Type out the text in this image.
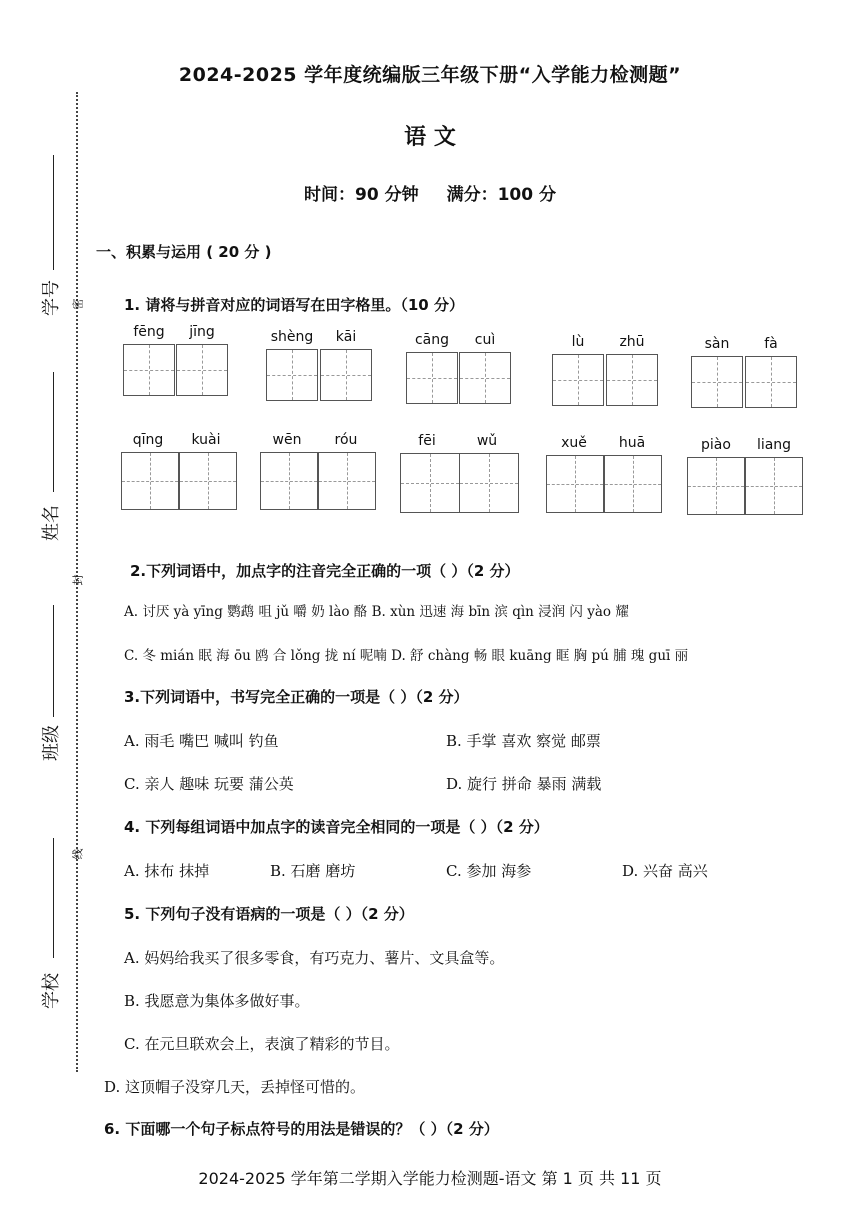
2024-2025 学年度统编版三年级下册“入学能力检测题”
语 文
时间：90 分钟 满分：100 分
学号
姓名
班级
学校
密
封
线
一、积累与运用 ( 20 分 )
1. 请将与拼音对应的词语写在田字格里。（10 分）
fēng	jīng	shèng	kāi	cāng	cuì	lù	zhū	sàn	fà
qīng	kuài	wēn	róu	fēi	wǔ	xuě	huā	piào	liang
2.下列词语中，加点字的注音完全正确的一项（ ）（2 分）
A. 讨厌 yà yīng 鹦鹉 咀 jǔ 嚼 奶 lào 酪 B. xùn 迅速 海 bīn 滨 qìn 浸润 闪 yào 耀
C. 冬 mián 眠 海 ōu 鸥 合 lǒng 拢 ní 呢喃 D. 舒 chàng 畅 眼 kuāng 眶 胸 pú 脯 瑰 guī 丽
3.下列词语中，书写完全正确的一项是（ ）（2 分）
A. 雨毛 嘴巴 喊叫 钓鱼	B. 手掌 喜欢 察觉 邮票
C. 亲人 趣味 玩要 蒲公英	D. 旋行 拼命 暴雨 满载
4. 下列每组词语中加点字的读音完全相同的一项是（ ）（2 分）
A. 抹布 抹掉	B. 石磨 磨坊	C. 参加 海参	D. 兴奋 高兴
5. 下列句子没有语病的一项是（ ）（2 分）
A. 妈妈给我买了很多零食，有巧克力、薯片、文具盒等。
B. 我愿意为集体多做好事。
C. 在元旦联欢会上，表演了精彩的节目。
D. 这顶帽子没穿几天，丢掉怪可惜的。
6. 下面哪一个句子标点符号的用法是错误的？（ ）（2 分）
2024-2025 学年第二学期入学能力检测题-语文 第 1 页 共 11 页
